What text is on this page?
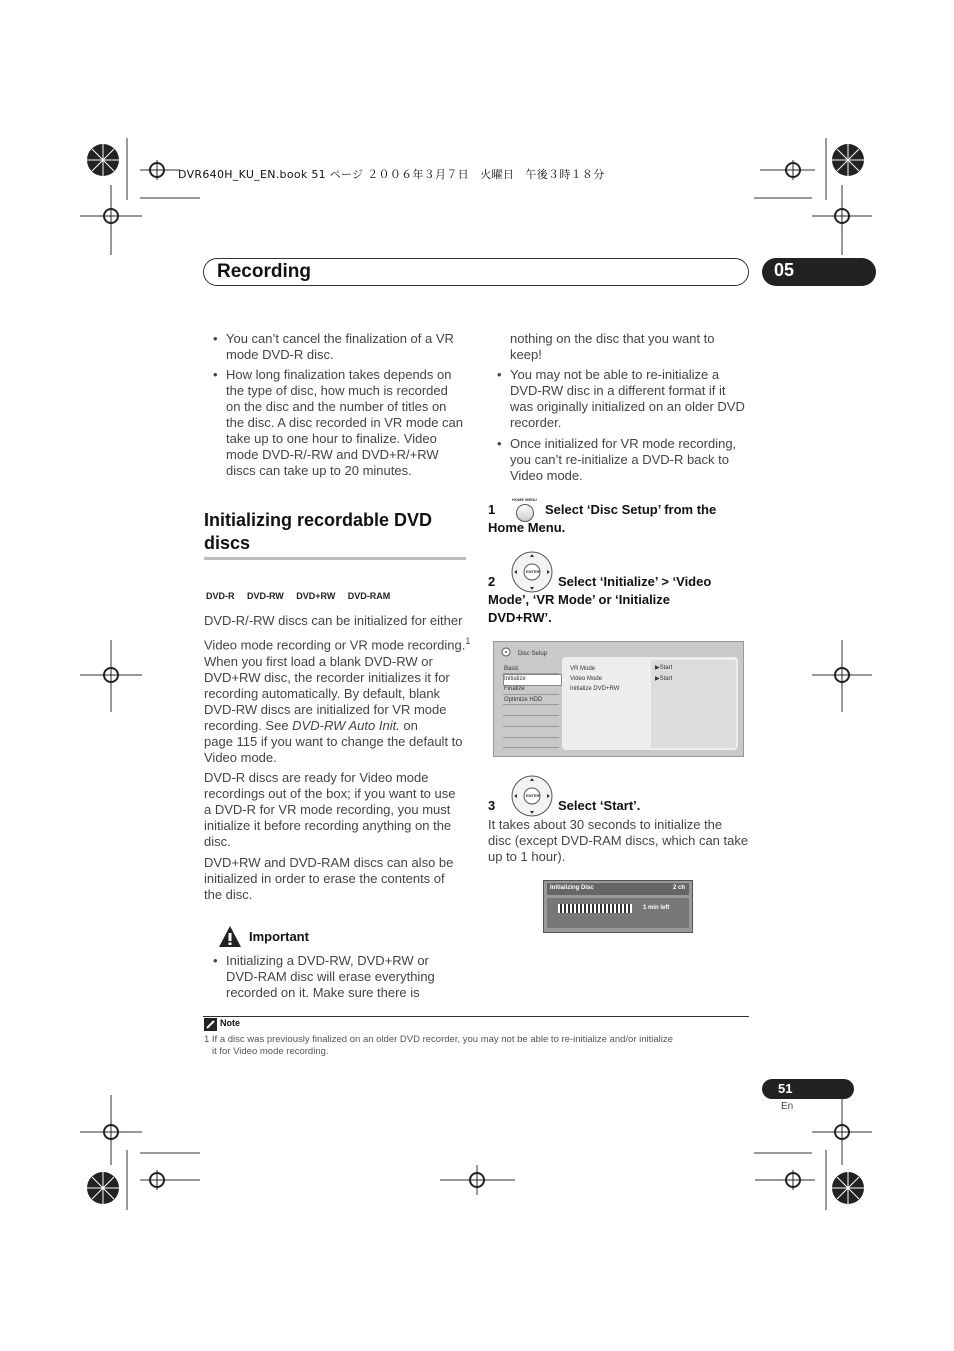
DVR640H_KU_EN.book 51 ページ ２００６年３月７日　火曜日　午後３時１８分
Recording	05
• You can’t cancel the finalization of a VR
mode DVD-R disc.
• How long finalization takes depends on
the type of disc, how much is recorded
on the disc and the number of titles on
the disc. A disc recorded in VR mode can
take up to one hour to finalize. Video
mode DVD-R/-RW and DVD+R/+RW
discs can take up to 20 minutes.
Initializing recordable DVD
discs
DVD-R DVD-RW DVD+RW DVD-RAM

DVD-R/-RW discs can be initialized for either

Video mode recording or VR mode recording.$^1$

When you first load a blank DVD-RW or

DVD+RW disc, the recorder initializes it for

recording automatically. By default, blank

DVD-RW discs are initialized for VR mode

recording. See DVD-RW Auto Init. on

page 115 if you want to change the default to

Video mode.

DVD-R discs are ready for Video mode

recordings out of the box; if you want to use

a DVD-R for VR mode recording, you must

initialize it before recording anything on the

disc.

DVD+RW and DVD-RAM discs can also be

initialized in order to erase the contents of

the disc.

Important
• Initializing a DVD-RW, DVD+RW or
DVD-RAM disc will erase everything
recorded on it. Make sure there is

nothing on the disc that you want to

keep!

• You may not be able to re-initialize a
DVD-RW disc in a different format if it
was originally initialized on an older DVD
recorder.
• Once initialized for VR mode recording,
you can’t re-initialize a DVD-R back to
Video mode.
HOME MENU
1	Select ‘Disc Setup’ from the
Home Menu.
ENTER
2	Select ‘Initialize’ > ‘Video
Mode’, ‘VR Mode’ or ‘Initialize
DVD+RW’.
Disc Setup
Basic
Initialize
Finalize
Optimize HDD
VR Mode
Video Mode
Initialize DVD+RW
▶Start
▶Start
ENTER
3	Select ‘Start’.

It takes about 30 seconds to initialize the

disc (except DVD-RAM discs, which can take

up to 1 hour).

Initializing Disc	2 ch
1 min left
Note
1 If a disc was previously finalized on an older DVD recorder, you may not be able to re-initialize and/or initialize
it for Video mode recording.
51
En
